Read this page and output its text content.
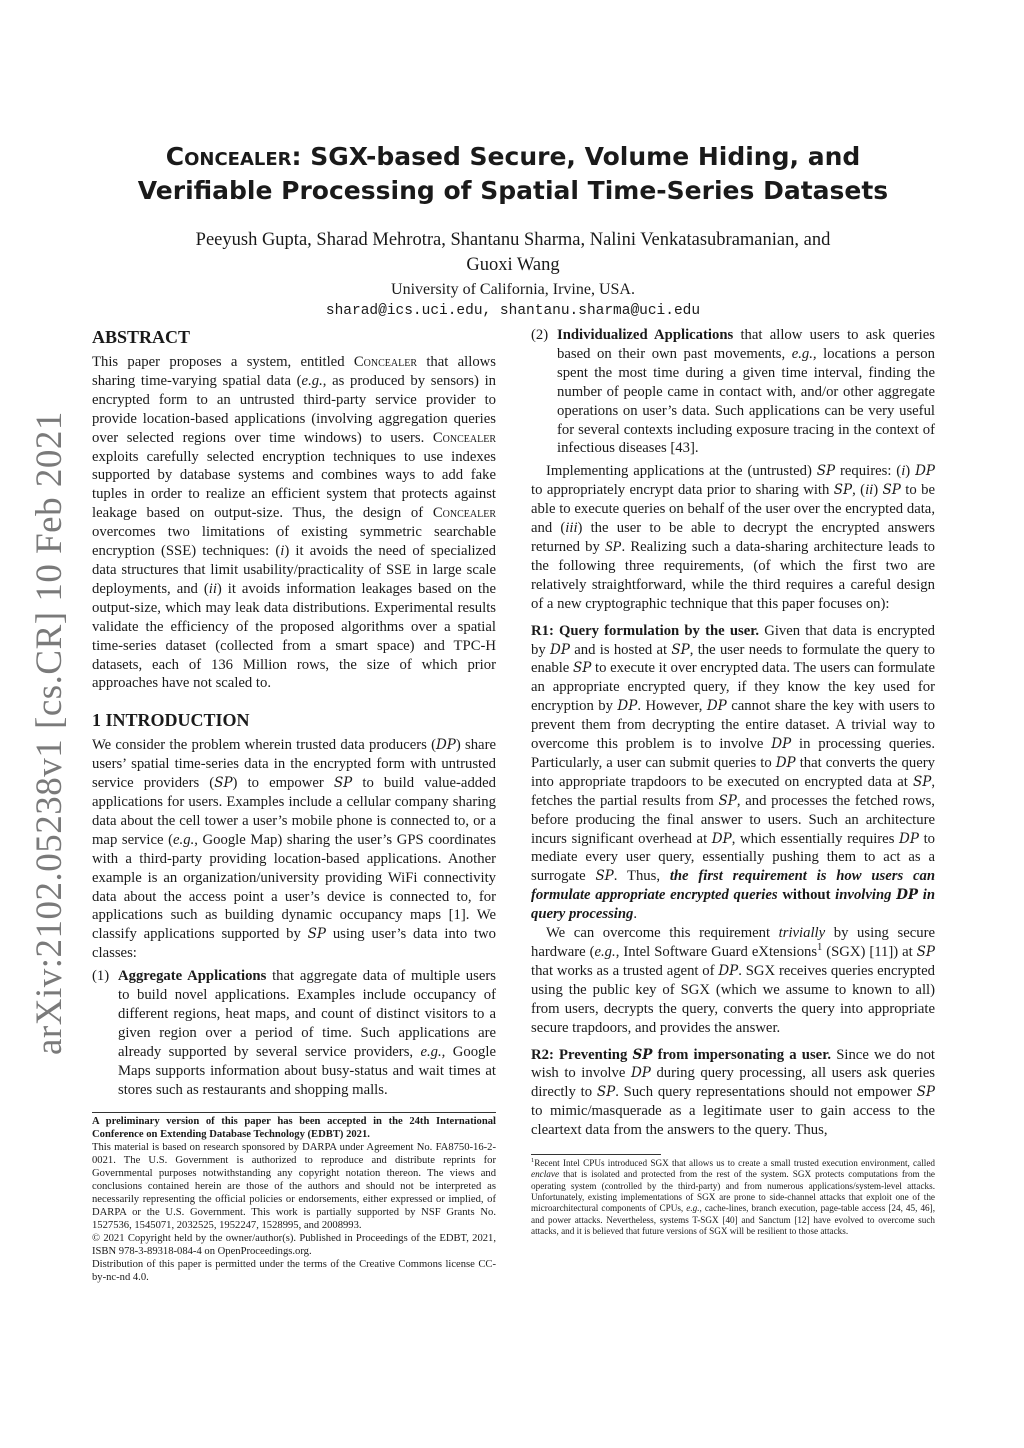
arXiv:2102.05238v1 [cs.CR] 10 Feb 2021
Concealer: SGX-based Secure, Volume Hiding, and
Verifiable Processing of Spatial Time-Series Datasets
Peeyush Gupta, Sharad Mehrotra, Shantanu Sharma, Nalini Venkatasubramanian, and
Guoxi Wang
University of California, Irvine, USA.
sharad@ics.uci.edu, shantanu.sharma@uci.edu
ABSTRACT

This paper proposes a system, entitled Concealer that allows sharing time-varying spatial data (e.g., as produced by sensors) in encrypted form to an untrusted third-party service provider to provide location-based applications (involving aggregation queries over selected regions over time windows) to users. Concealer exploits carefully selected encryption techniques to use indexes supported by database systems and combines ways to add fake tuples in order to realize an efficient system that protects against leakage based on output-size. Thus, the design of Concealer overcomes two limitations of existing symmetric searchable encryption (SSE) techniques: (i) it avoids the need of specialized data structures that limit usability/practicality of SSE in large scale deployments, and (ii) it avoids information leakages based on the output-size, which may leak data distributions. Experimental results validate the efficiency of the proposed algorithms over a spatial time-series dataset (collected from a smart space) and TPC-H datasets, each of 136 Million rows, the size of which prior approaches have not scaled to.

1 INTRODUCTION

We consider the problem wherein trusted data producers (DP) share users’ spatial time-series data in the encrypted form with untrusted service providers (SP) to empower SP to build value-added applications for users. Examples include a cellular company sharing data about the cell tower a user’s mobile phone is connected to, or a map service (e.g., Google Map) sharing the user’s GPS coordinates with a third-party providing location-based applications. Another example is an organization/university providing WiFi connectivity data about the access point a user’s device is connected to, for applications such as building dynamic occupancy maps [1]. We classify applications supported by SP using user’s data into two classes:

(1) Aggregate Applications that aggregate data of multiple users to build novel applications. Examples include occupancy of different regions, heat maps, and count of distinct visitors to a given region over a period of time. Such applications are already supported by several service providers, e.g., Google Maps supports information about busy-status and wait times at stores such as restaurants and shopping malls.

A preliminary version of this paper has been accepted in the 24th International Conference on Extending Database Technology (EDBT) 2021.

This material is based on research sponsored by DARPA under Agreement No. FA8750-16-2-0021. The U.S. Government is authorized to reproduce and distribute reprints for Governmental purposes notwithstanding any copyright notation thereon. The views and conclusions contained herein are those of the authors and should not be interpreted as necessarily representing the official policies or endorsements, either expressed or implied, of DARPA or the U.S. Government. This work is partially supported by NSF Grants No. 1527536, 1545071, 2032525, 1952247, 1528995, and 2008993.

© 2021 Copyright held by the owner/author(s). Published in Proceedings of the EDBT, 2021, ISBN 978-3-89318-084-4 on OpenProceedings.org.

Distribution of this paper is permitted under the terms of the Creative Commons license CC-by-nc-nd 4.0.

(2) Individualized Applications that allow users to ask queries based on their own past movements, e.g., locations a person spent the most time during a given time interval, finding the number of people came in contact with, and/or other aggregate operations on user’s data. Such applications can be very useful for several contexts including exposure tracing in the context of infectious diseases [43].

Implementing applications at the (untrusted) SP requires: (i) DP to appropriately encrypt data prior to sharing with SP, (ii) SP to be able to execute queries on behalf of the user over the encrypted data, and (iii) the user to be able to decrypt the encrypted answers returned by SP. Realizing such a data-sharing architecture leads to the following three requirements, (of which the first two are relatively straightforward, while the third requires a careful design of a new cryptographic technique that this paper focuses on):

R1: Query formulation by the user. Given that data is encrypted by DP and is hosted at SP, the user needs to formulate the query to enable SP to execute it over encrypted data. The users can formulate an appropriate encrypted query, if they know the key used for encryption by DP. However, DP cannot share the key with users to prevent them from decrypting the entire dataset. A trivial way to overcome this problem is to involve DP in processing queries. Particularly, a user can submit queries to DP that converts the query into appropriate trapdoors to be executed on encrypted data at SP, fetches the partial results from SP, and processes the fetched rows, before producing the final answer to users. Such an architecture incurs significant overhead at DP, which essentially requires DP to mediate every user query, essentially pushing them to act as a surrogate SP. Thus, the first requirement is how users can formulate appropriate encrypted queries without involving DP in query processing.

We can overcome this requirement trivially by using secure hardware (e.g., Intel Software Guard eXtensions$^1$ (SGX) [11]) at SP that works as a trusted agent of DP. SGX receives queries encrypted using the public key of SGX (which we assume to known to all) from users, decrypts the query, converts the query into appropriate secure trapdoors, and provides the answer.

R2: Preventing SP from impersonating a user. Since we do not wish to involve DP during query processing, all users ask queries directly to SP. Such query representations should not empower SP to mimic/masquerade as a legitimate user to gain access to the cleartext data from the answers to the query. Thus,

$^1$Recent Intel CPUs introduced SGX that allows us to create a small trusted execution environment, called enclave that is isolated and protected from the rest of the system. SGX protects computations from the operating system (controlled by the third-party) and from numerous applications/system-level attacks. Unfortunately, existing implementations of SGX are prone to side-channel attacks that exploit one of the microarchitectural components of CPUs, e.g., cache-lines, branch execution, page-table access [24, 45, 46], and power attacks. Nevertheless, systems T-SGX [40] and Sanctum [12] have evolved to overcome such attacks, and it is believed that future versions of SGX will be resilient to those attacks.
